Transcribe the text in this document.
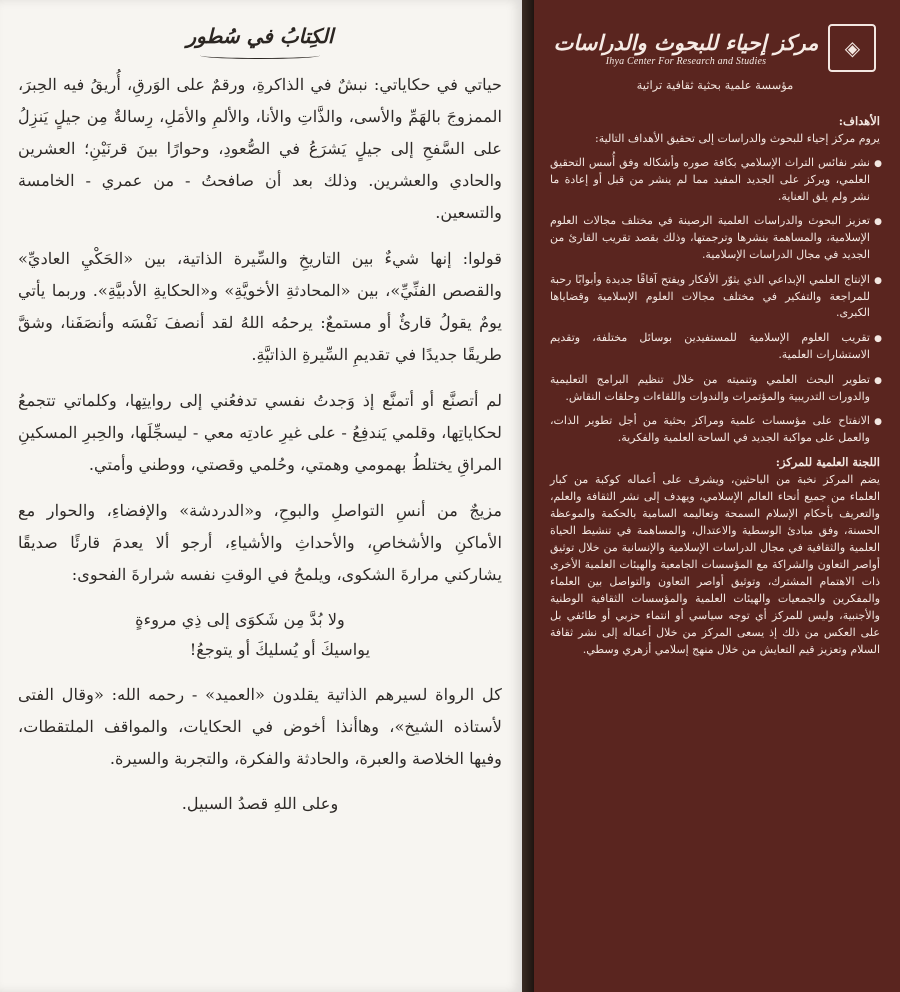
الكِتابُ في سُطور

حياتي في حكاياتي: نبشٌ في الذاكرةِ، ورقمٌ على الوَرقِ، أُريقُ فيه الحِبرَ، الممزوجَ بالهَمِّ والأسى، والذَّاتِ والأنا، والألمِ والأمَلِ، رِسالةٌ مِن جيلٍ يَنزِلُ على السَّفحِ إلى جيلٍ يَشرَعُ في الصُّعودِ، وحوارًا بينَ قرنَيْنِ؛ العشرين والحادي والعشرين. وذلك بعد أن صافحتُ - من عمري - الخامسة والتسعين.

قولوا: إنها شيءٌ بين التاريخِ والسِّيرة الذاتية، بين «الحَكْيِ العاديِّ» والقصص الفنِّيِّ»، بين «المحادثةِ الأخويَّةِ» و«الحكايةِ الأدبيَّةِ». وربما يأتي يومٌ يقولُ قارئٌ أو مستمعٌ: يرحمُه اللهُ لقد أنصفَ نَفْسَه وأنصَفَنا، وشقَّ طريقًا جديدًا في تقديمِ السِّيرةِ الذاتيَّةِ.

لم أتصنَّع أو أتمنَّع إذ وَجدتُ نفسي تدفعُني إلى روايتِها، وكلماتي تتجمعُ لحكاياتِها، وقلمي يَندفِعُ - على غيرِ عادتِه معي - ليسجِّلَها، والحِبرِ المسكينِ المراقِ يختلطُ بهمومي وهمتي، وحُلمي وقصتي، ووطني وأمتي.

مزيجٌ من أنسِ التواصلِ والبوحِ، و«الدردشة» والإفضاءِ، والحوار مع الأماكنِ والأشخاصِ، والأحداثِ والأشياءِ، أرجو ألا يعدمَ قارئًا صديقًا يشاركني مرارةَ الشكوى، ويلمحُ في الوقتِ نفسه شرارةَ الفحوى:

ولا بُدَّ مِن شَكوَى إلى ذِي مروءةٍ

يواسيكَ أو يُسليكَ أو يتوجعُ!

كل الرواة لسيرهم الذاتية يقلدون «العميد» - رحمه الله: «وقال الفتى لأستاذه الشيخ»، وهاأنذا أخوض في الحكايات، والمواقف الملتقطات، وفيها الخلاصة والعبرة، والحادثة والفكرة، والتجربة والسيرة.

وعلى اللهِ قصدُ السبيل.

مركز إحياء للبحوث والدراسات
Ihya Center For Research and Studies
◈
مؤسسة علمية بحثية ثقافية تراثية
الأهداف:

يروم مركز إحياء للبحوث والدراسات إلى تحقيق الأهداف التالية:

●
نشر نفائس التراث الإسلامي بكافة صوره وأشكاله وفق أُسس التحقيق العلمي، ويركز على الجديد المفيد مما لم ينشر من قبل أو إعادة ما نشر ولم يلق العناية.
●
تعزيز البحوث والدراسات العلمية الرصينة في مختلف مجالات العلوم الإسلامية، والمساهمة بنشرها وترجمتها، وذلك بقصد تقريب القارئ من الجديد في مجال الدراسات الإسلامية.
●
الإنتاج العلمي الإبداعي الذي يثوّر الأفكار ويفتح آفاقًا جديدة وأبوابًا رحبة للمراجعة والتفكير في مختلف مجالات العلوم الإسلامية وقضاياها الكبرى.
●
تقريب العلوم الإسلامية للمستفيدين بوسائل مختلفة، وتقديم الاستشارات العلمية.
●
تطوير البحث العلمي وتنميته من خلال تنظيم البرامج التعليمية والدورات التدريبية والمؤتمرات والندوات واللقاءات وحلقات النقاش.
●
الانفتاح على مؤسسات علمية ومراكز بحثية من أجل تطوير الذات، والعمل على مواكبة الجديد في الساحة العلمية والفكرية.
اللجنة العلمية للمركز:

يضم المركز نخبة من الباحثين، ويشرف على أعماله كوكبة من كبار العلماء من جميع أنحاء العالم الإسلامي، ويهدف إلى نشر الثقافة والعلم، والتعريف بأحكام الإسلام السمحة وتعاليمه السامية بالحكمة والموعظة الحسنة، وفق مبادئ الوسطية والاعتدال، والمساهمة في تنشيط الحياة العلمية والثقافية في مجال الدراسات الإسلامية والإنسانية من خلال توثيق أواصر التعاون والشراكة مع المؤسسات الجامعية والهيئات العلمية الأخرى ذات الاهتمام المشترك، وتوثيق أواصر التعاون والتواصل بين العلماء والمفكرين والجمعيات والهيئات العلمية والمؤسسات الثقافية الوطنية والأجنبية، وليس للمركز أي توجه سياسي أو انتماء حزبي أو طائفي بل على العكس من ذلك إذ يسعى المركز من خلال أعماله إلى نشر ثقافة السلام وتعزيز قيم التعايش من خلال منهج إسلامي أزهري وسطي.
